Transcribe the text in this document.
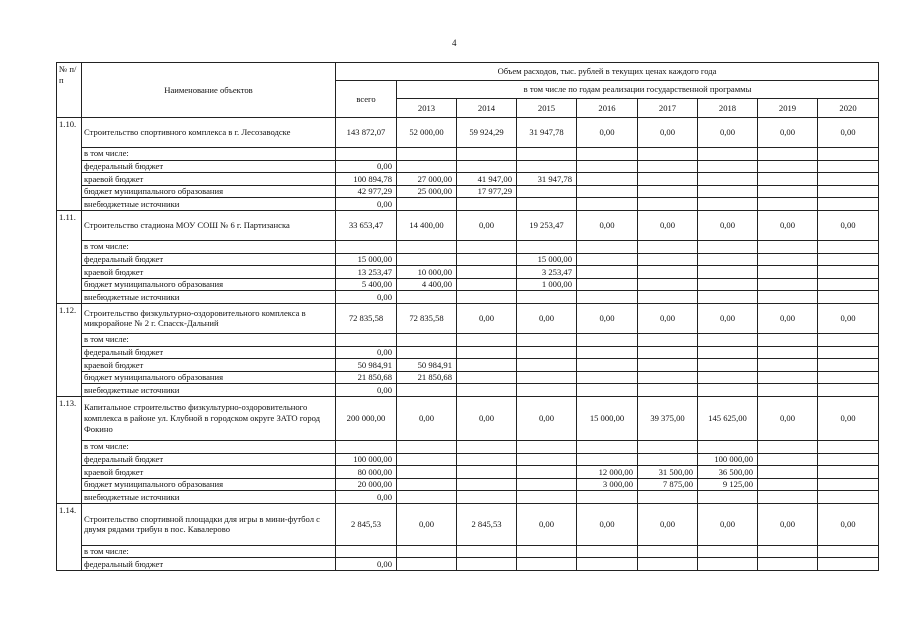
4
№ п/п	Наименование объектов	Объем расходов, тыс. рублей в текущих ценах каждого года								
		всего	в том числе по годам реализации государственной программы							
			2013	2014	2015	2016	2017	2018	2019	2020
1.10.	Строительство спортивного комплекса в г. Лесозаводске	143 872,07	52 000,00	59 924,29	31 947,78	0,00	0,00	0,00	0,00	0,00
	в том числе:									
	федеральный бюджет	0,00								
	краевой бюджет	100 894,78	27 000,00	41 947,00	31 947,78					
	бюджет муниципального образования	42 977,29	25 000,00	17 977,29						
	внебюджетные источники	0,00								
1.11.	Строительство стадиона МОУ СОШ № 6 г. Партизанска	33 653,47	14 400,00	0,00	19 253,47	0,00	0,00	0,00	0,00	0,00
	в том числе:									
	федеральный бюджет	15 000,00			15 000,00					
	краевой бюджет	13 253,47	10 000,00		3 253,47					
	бюджет муниципального образования	5 400,00	4 400,00		1 000,00					
	внебюджетные источники	0,00								
1.12.	Строительство физкультурно-оздоровительного комплекса в микрорайоне № 2 г. Спасск-Дальний	72 835,58	72 835,58	0,00	0,00	0,00	0,00	0,00	0,00	0,00
	в том числе:									
	федеральный бюджет	0,00								
	краевой бюджет	50 984,91	50 984,91							
	бюджет муниципального образования	21 850,68	21 850,68							
	внебюджетные источники	0,00								
1.13.	Капитальное строительство физкультурно-оздоровительного комплекса в районе ул. Клубной в городском округе ЗАТО город Фокино	200 000,00	0,00	0,00	0,00	15 000,00	39 375,00	145 625,00	0,00	0,00
	в том числе:									
	федеральный бюджет	100 000,00						100 000,00		
	краевой бюджет	80 000,00				12 000,00	31 500,00	36 500,00		
	бюджет муниципального образования	20 000,00				3 000,00	7 875,00	9 125,00		
	внебюджетные источники	0,00								
1.14.	Строительство спортивной площадки для игры в мини-футбол с двумя рядами трибун в пос. Кавалерово	2 845,53	0,00	2 845,53	0,00	0,00	0,00	0,00	0,00	0,00
	в том числе:									
	федеральный бюджет	0,00								
